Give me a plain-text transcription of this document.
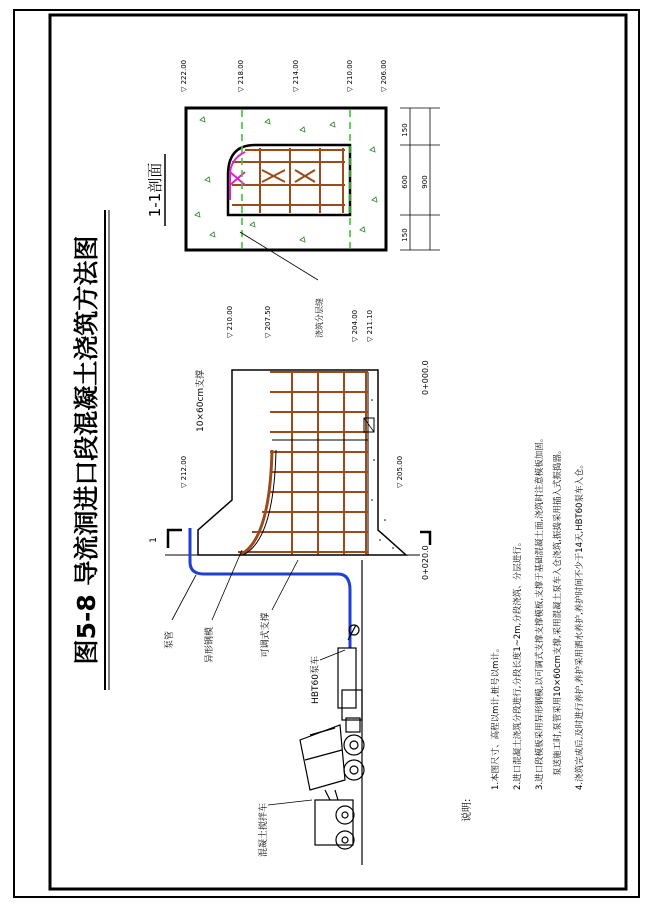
图5-8 导流洞进口段混凝土浇筑方法图
1-1剖面
浇筑分层缝
150
600
150
900
▽ 222.00	▽ 218.00	▽ 214.00	▽ 210.00	▽ 206.00
1
▽ 212.00
▽ 210.00	▽ 207.50	▽ 204.00 ▽ 211.10
▽ 205.00
0+020.0
0+000.0
10×60cm支撑
泵管	异形钢模	可调式支撑
HBT60泵车
混凝土搅拌车	说明:
1.本图尺寸、高程以m计,桩号以m计。 2.进口混凝土浇筑分段进行,分段长度1~2m,分段浇筑、分层进行。 3.进口段模板采用异形钢模,以可调式支撑支撑模板,支撑于基础混凝土面,浇筑时注意模板加固。 泵送施工时,泵管采用10×60cm支撑,采用混凝土泵车入仓浇筑,振捣采用插入式振捣器。 4.浇筑完成后,及时进行养护,养护采用洒水养护,养护时间不少于14天,HBT60泵车入仓。
